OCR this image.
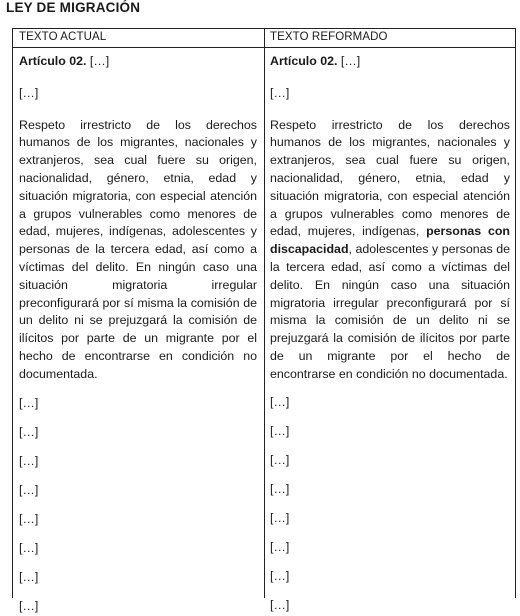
LEY DE MIGRACIÓN
TEXTO ACTUAL	TEXTO REFORMADO

Artículo 02. […]

[…]

Respeto irrestricto de los derechos humanos de los migrantes, nacionales y extranjeros, sea cual fuere su origen, nacionalidad, género, etnia, edad y situación migratoria, con especial atención a grupos vulnerables como menores de edad, mujeres, indígenas, adolescentes y personas de la tercera edad, así como a víctimas del delito. En ningún caso una situación migratoria irregular preconfigurará por sí misma la comisión de un delito ni se prejuzgará la comisión de ilícitos por parte de un migrante por el hecho de encontrarse en condición no documentada.

[…]

[…]

[…]

[…]

[…]

[…]

[…]

[…]

Artículo 02. […]

[…]

Respeto irrestricto de los derechos humanos de los migrantes, nacionales y extranjeros, sea cual fuere su origen, nacionalidad, género, etnia, edad y situación migratoria, con especial atención a grupos vulnerables como menores de edad, mujeres, indígenas, personas con discapacidad, adolescentes y personas de la tercera edad, así como a víctimas del delito. En ningún caso una situación migratoria irregular preconfigurará por sí misma la comisión de un delito ni se prejuzgará la comisión de ilícitos por parte de un migrante por el hecho de encontrarse en condición no documentada.

[…]

[…]

[…]

[…]

[…]

[…]

[…]

[…]
